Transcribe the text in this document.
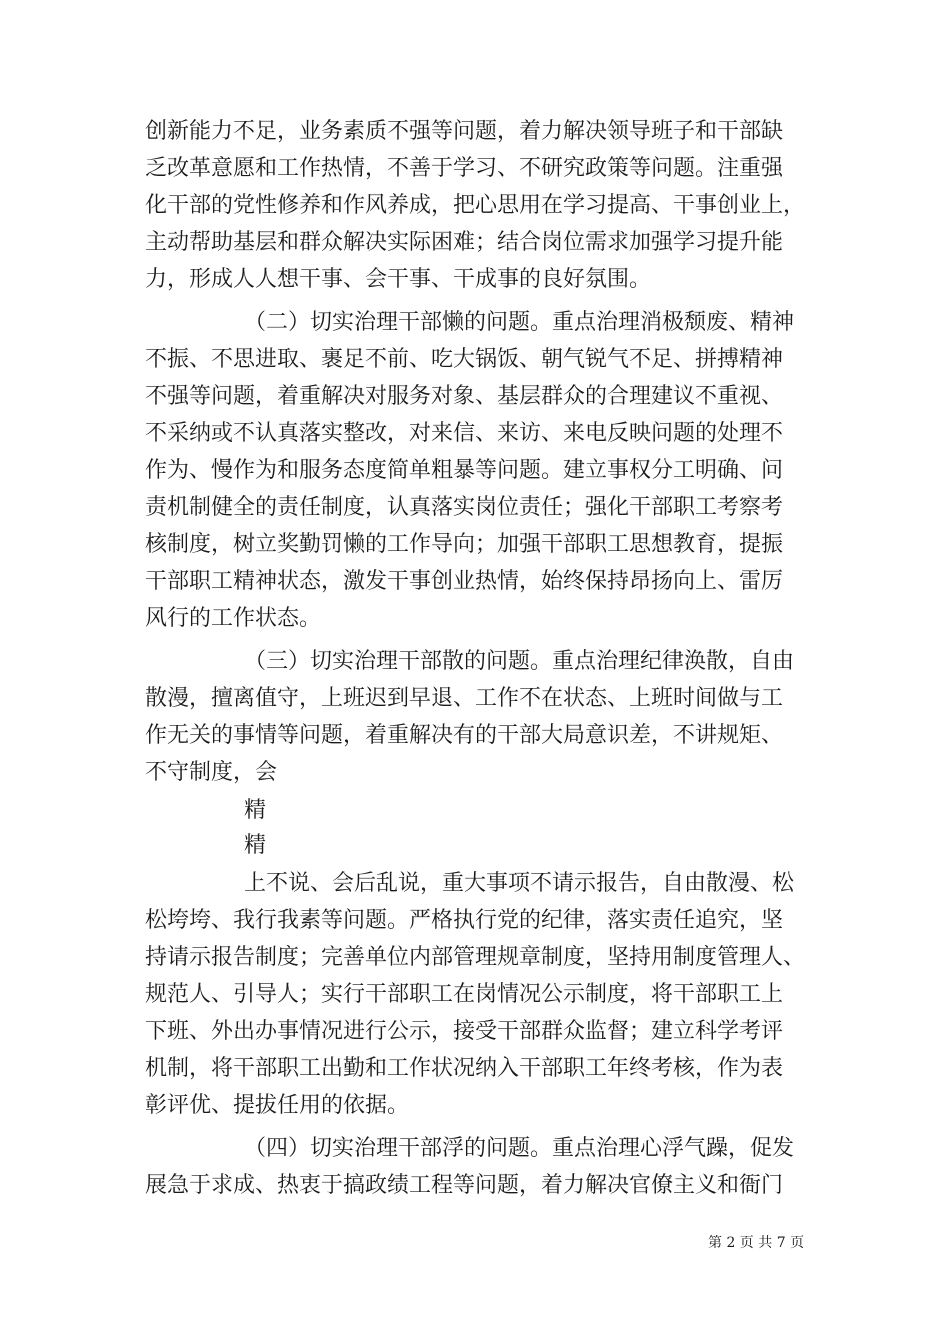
创新能力不足，业务素质不强等问题，着力解决领导班子和干部缺
乏改革意愿和工作热情，不善于学习、不研究政策等问题。注重强
化干部的党性修养和作风养成，把心思用在学习提高、干事创业上，
主动帮助基层和群众解决实际困难；结合岗位需求加强学习提升能
力，形成人人想干事、会干事、干成事的良好氛围。
（二）切实治理干部懒的问题。重点治理消极颓废、精神
不振、不思进取、裹足不前、吃大锅饭、朝气锐气不足、拼搏精神
不强等问题，着重解决对服务对象、基层群众的合理建议不重视、
不采纳或不认真落实整改，对来信、来访、来电反映问题的处理不
作为、慢作为和服务态度简单粗暴等问题。建立事权分工明确、问
责机制健全的责任制度，认真落实岗位责任；强化干部职工考察考
核制度，树立奖勤罚懒的工作导向；加强干部职工思想教育，提振
干部职工精神状态，激发干事创业热情，始终保持昂扬向上、雷厉
风行的工作状态。
（三）切实治理干部散的问题。重点治理纪律涣散，自由
散漫，擅离值守，上班迟到早退、工作不在状态、上班时间做与工
作无关的事情等问题，着重解决有的干部大局意识差，不讲规矩、
不守制度，会
精
精
上不说、会后乱说，重大事项不请示报告，自由散漫、松
松垮垮、我行我素等问题。严格执行党的纪律，落实责任追究，坚
持请示报告制度；完善单位内部管理规章制度，坚持用制度管理人、
规范人、引导人；实行干部职工在岗情况公示制度，将干部职工上
下班、外出办事情况进行公示，接受干部群众监督；建立科学考评
机制，将干部职工出勤和工作状况纳入干部职工年终考核，作为表
彰评优、提拔任用的依据。
（四）切实治理干部浮的问题。重点治理心浮气躁，促发
展急于求成、热衷于搞政绩工程等问题，着力解决官僚主义和衙门
第 2 页 共 7 页
